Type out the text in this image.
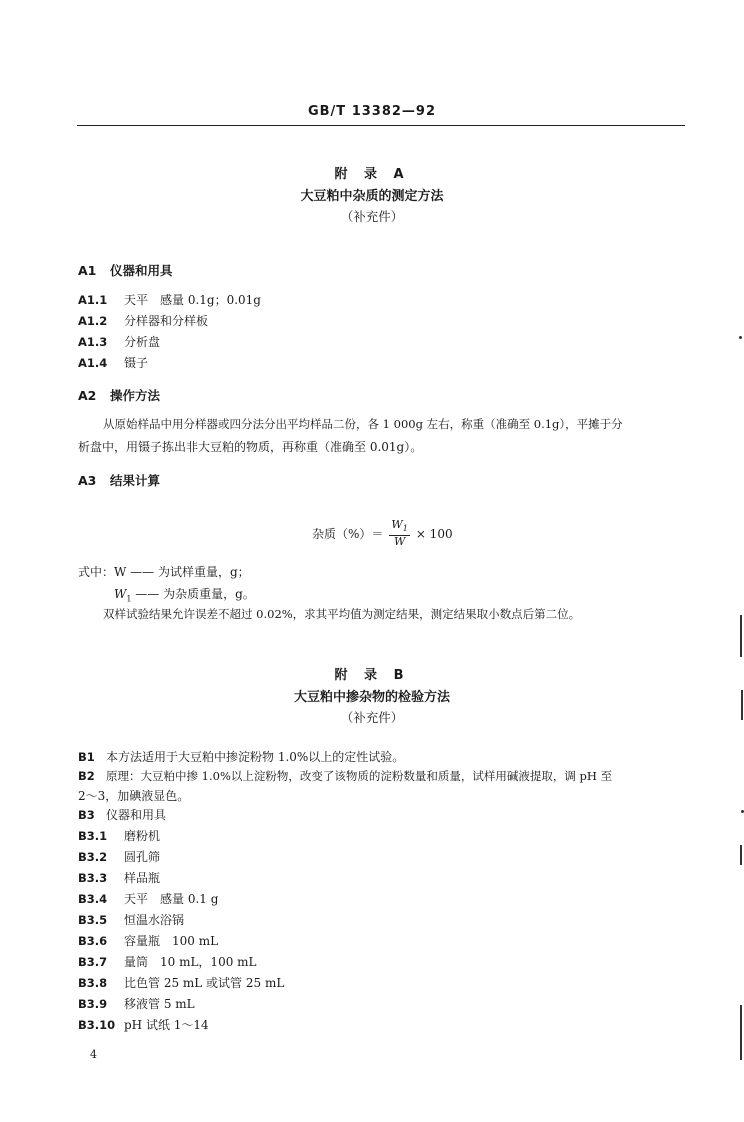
GB/T 13382—92
附 录 A
大豆粕中杂质的测定方法
（补充件）
A1 仪器和用具
A1.1 天平　感量 0.1g；0.01g
A1.2 分样器和分样板
A1.3 分析盘
A1.4 镊子
A2 操作方法
从原始样品中用分样器或四分法分出平均样品二份，各 1 000g 左右，称重（准确至 0.1g），平摊于分
析盘中，用镊子拣出非大豆粕的物质，再称重（准确至 0.01g）。
A3 结果计算
杂质（%）＝ $\frac{W_1}{W} \times 100$
式中：W —— 为试样重量，g；
$W_1$ —— 为杂质重量，g。
双样试验结果允许误差不超过 0.02%，求其平均值为测定结果，测定结果取小数点后第二位。
附 录 B
大豆粕中掺杂物的检验方法
（补充件）
B1 本方法适用于大豆粕中掺淀粉物 1.0%以上的定性试验。
B2 原理：大豆粕中掺 1.0%以上淀粉物，改变了该物质的淀粉数量和质量，试样用碱液提取，调 pH 至
2～3，加碘液显色。
B3 仪器和用具
B3.1 磨粉机
B3.2 圆孔筛
B3.3 样品瓶
B3.4 天平　感量 0.1 g
B3.5 恒温水浴锅
B3.6 容量瓶　100 mL
B3.7 量筒　10 mL，100 mL
B3.8 比色管 25 mL 或试管 25 mL
B3.9 移液管 5 mL
B3.10 pH 试纸 1～14
4
